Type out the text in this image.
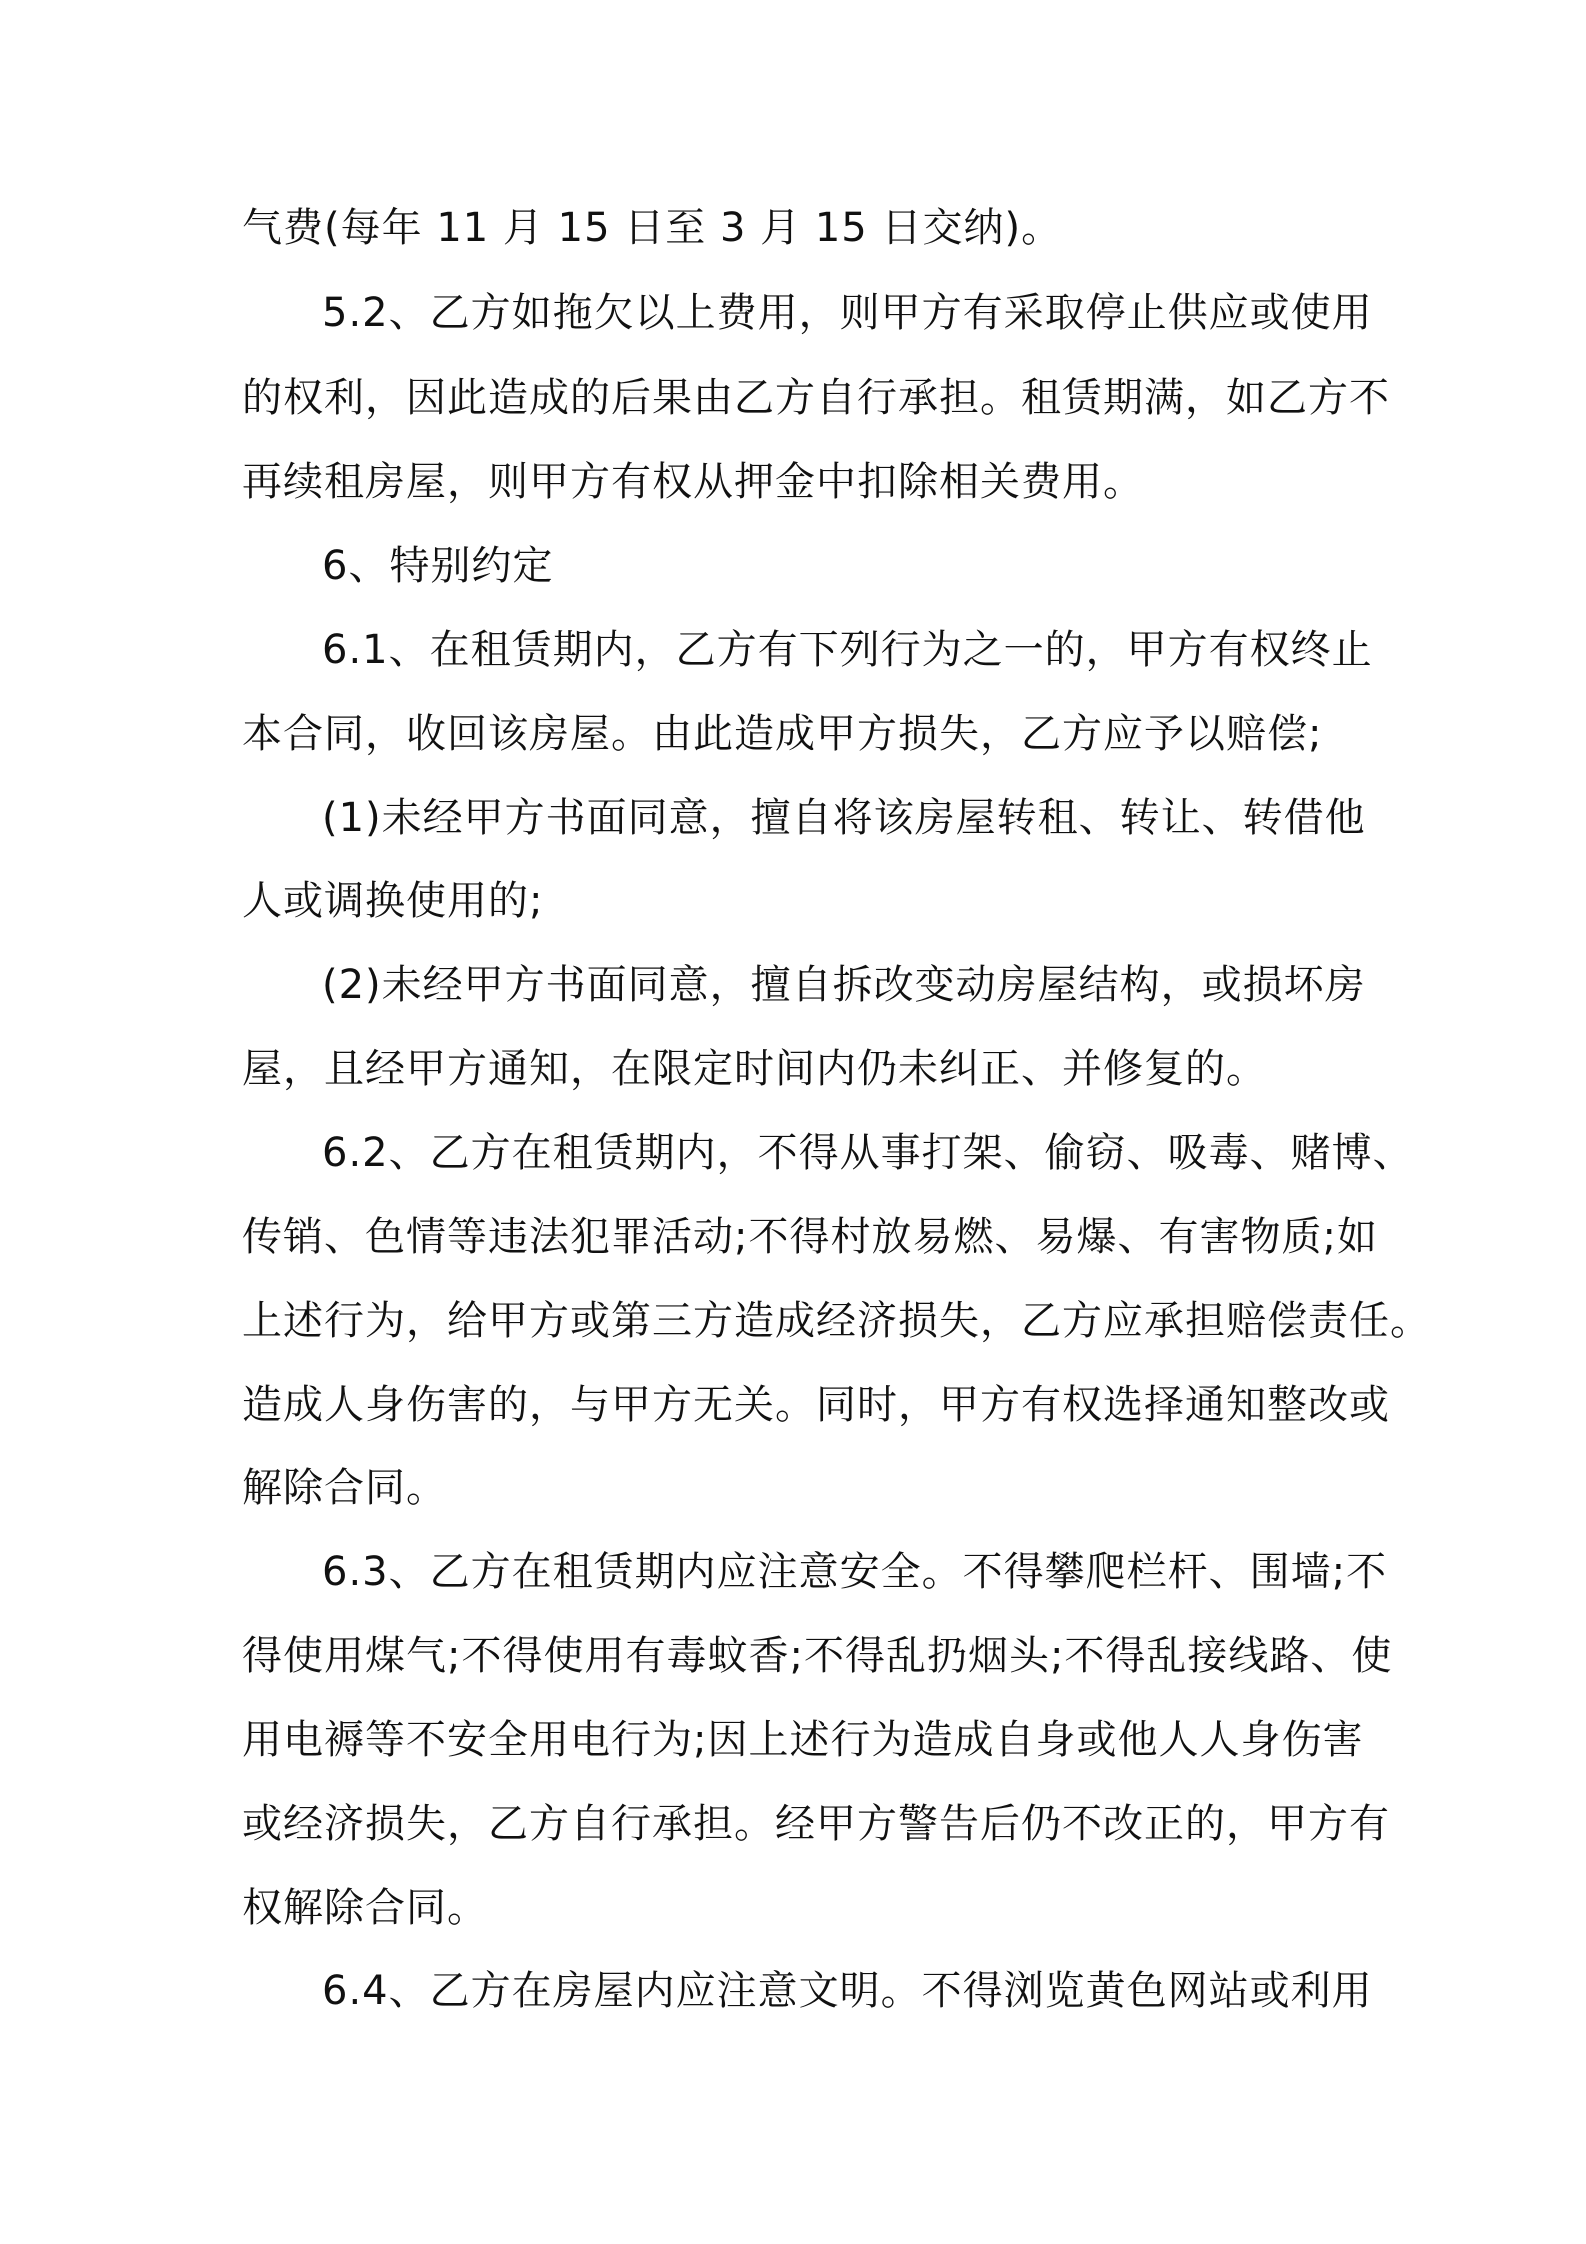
气费(每年 11 月 15 日至 3 月 15 日交纳)。
5.2、乙方如拖欠以上费用，则甲方有采取停止供应或使用
的权利，因此造成的后果由乙方自行承担。租赁期满，如乙方不
再续租房屋，则甲方有权从押金中扣除相关费用。
6、特别约定
6.1、在租赁期内，乙方有下列行为之一的，甲方有权终止
本合同，收回该房屋。由此造成甲方损失，乙方应予以赔偿;
(1)未经甲方书面同意，擅自将该房屋转租、转让、转借他
人或调换使用的;
(2)未经甲方书面同意，擅自拆改变动房屋结构，或损坏房
屋，且经甲方通知，在限定时间内仍未纠正、并修复的。
6.2、乙方在租赁期内，不得从事打架、偷窃、吸毒、赌博、
传销、色情等违法犯罪活动;不得村放易燃、易爆、有害物质;如
上述行为，给甲方或第三方造成经济损失，乙方应承担赔偿责任。
造成人身伤害的，与甲方无关。同时，甲方有权选择通知整改或
解除合同。
6.3、乙方在租赁期内应注意安全。不得攀爬栏杆、围墙;不
得使用煤气;不得使用有毒蚊香;不得乱扔烟头;不得乱接线路、使
用电褥等不安全用电行为;因上述行为造成自身或他人人身伤害
或经济损失，乙方自行承担。经甲方警告后仍不改正的，甲方有
权解除合同。
6.4、乙方在房屋内应注意文明。不得浏览黄色网站或利用
